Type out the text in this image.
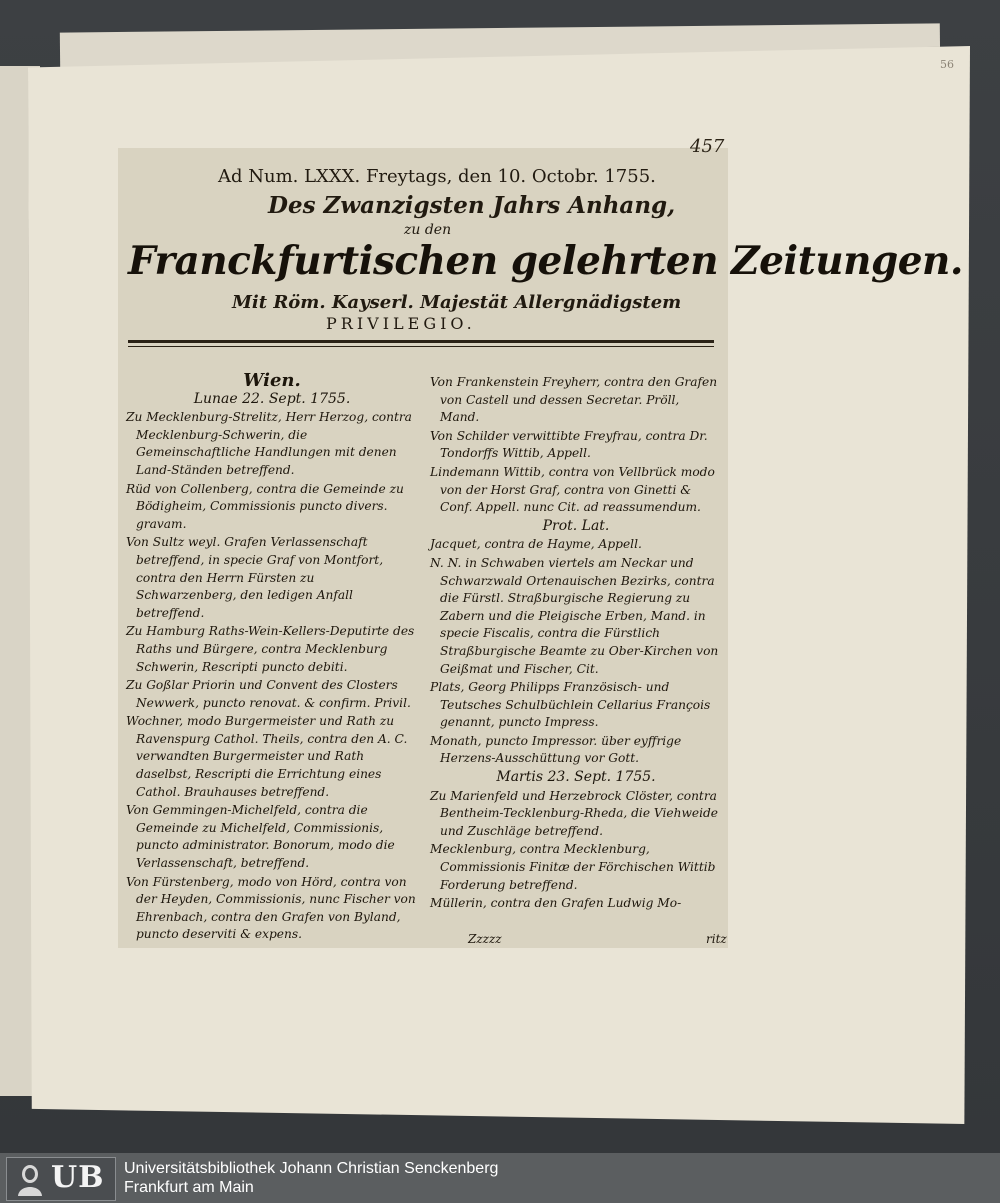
56
457
Ad Num. LXXX. Freytags, den 10. Octobr. 1755.
Des Zwanzigsten Jahrs Anhang,
zu den
Franckfurtischen gelehrten Zeitungen.
Mit Röm. Kayserl. Majestät Allergnädigstem
PRIVILEGIO.

Wien.

Lunae 22. Sept. 1755.

Zu Mecklenburg-Strelitz, Herr Herzog, contra Mecklenburg-Schwerin, die Gemeinschaftliche Handlungen mit denen Land-Ständen betreffend.

Rüd von Collenberg, contra die Gemeinde zu Bödigheim, Commissionis puncto divers. gravam.

Von Sultz weyl. Grafen Verlassenschaft betreffend, in specie Graf von Montfort, contra den Herrn Fürsten zu Schwarzenberg, den ledigen Anfall betreffend.

Zu Hamburg Raths-Wein-Kellers-Deputirte des Raths und Bürgere, contra Mecklenburg Schwerin, Rescripti puncto debiti.

Zu Goßlar Priorin und Convent des Closters Newwerk, puncto renovat. & confirm. Privil.

Wochner, modo Burgermeister und Rath zu Ravenspurg Cathol. Theils, contra den A. C. verwandten Burgermeister und Rath daselbst, Rescripti die Errichtung eines Cathol. Brauhauses betreffend.

Von Gemmingen-Michelfeld, contra die Gemeinde zu Michelfeld, Commissionis, puncto administrator. Bonorum, modo die Verlassenschaft, betreffend.

Von Fürstenberg, modo von Hörd, contra von der Heyden, Commissionis, nunc Fischer von Ehrenbach, contra den Grafen von Byland, puncto deserviti & expens.

Von Frankenstein Freyherr, contra den Grafen von Castell und dessen Secretar. Pröll, Mand.

Von Schilder verwittibte Freyfrau, contra Dr. Tondorffs Wittib, Appell.

Lindemann Wittib, contra von Vellbrück modo von der Horst Graf, contra von Ginetti & Conf. Appell. nunc Cit. ad reassumendum.

Prot. Lat.

Jacquet, contra de Hayme, Appell.

N. N. in Schwaben viertels am Neckar und Schwarzwald Ortenauischen Bezirks, contra die Fürstl. Straßburgische Regierung zu Zabern und die Pleigische Erben, Mand. in specie Fiscalis, contra die Fürstlich Straßburgische Beamte zu Ober-Kirchen von Geißmat und Fischer, Cit.

Plats, Georg Philipps Französisch- und Teutsches Schulbüchlein Cellarius François genannt, puncto Impress.

Monath, puncto Impressor. über eyffrige Herzens-Ausschüttung vor Gott.

Martis 23. Sept. 1755.

Zu Marienfeld und Herzebrock Clöster, contra Bentheim-Tecklenburg-Rheda, die Viehweide und Zuschläge betreffend.

Mecklenburg, contra Mecklenburg, Commissionis Finitæ der Förchischen Wittib Forderung betreffend.

Müllerin, contra den Grafen Ludwig Mo-

Zzzzz	ritz
UB Universitätsbibliothek Johann Christian Senckenberg
Frankfurt am Main
